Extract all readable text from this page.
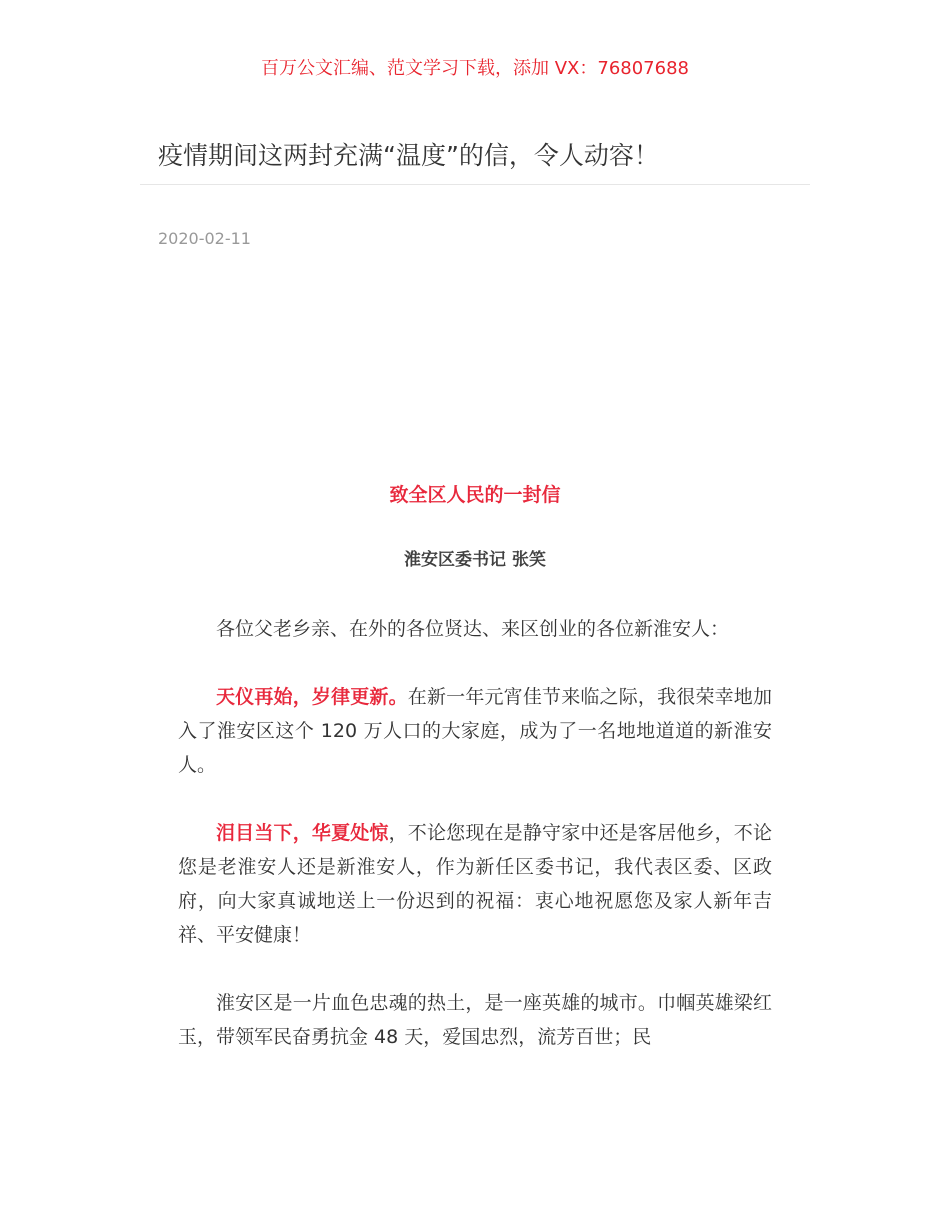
百万公文汇编、范文学习下载，添加 VX：76807688
疫情期间这两封充满“温度”的信，令人动容！
2020-02-11
致全区人民的一封信
淮安区委书记 张笑

各位父老乡亲、在外的各位贤达、来区创业的各位新淮安人：

天仪再始，岁律更新。在新一年元宵佳节来临之际，我很荣幸地加入了淮安区这个 120 万人口的大家庭，成为了一名地地道道的新淮安人。

泪目当下，华夏处惊，不论您现在是静守家中还是客居他乡，不论您是老淮安人还是新淮安人，作为新任区委书记，我代表区委、区政府，向大家真诚地送上一份迟到的祝福：衷心地祝愿您及家人新年吉祥、平安健康！

淮安区是一片血色忠魂的热土，是一座英雄的城市。巾帼英雄梁红玉，带领军民奋勇抗金 48 天，爱国忠烈，流芳百世；民
